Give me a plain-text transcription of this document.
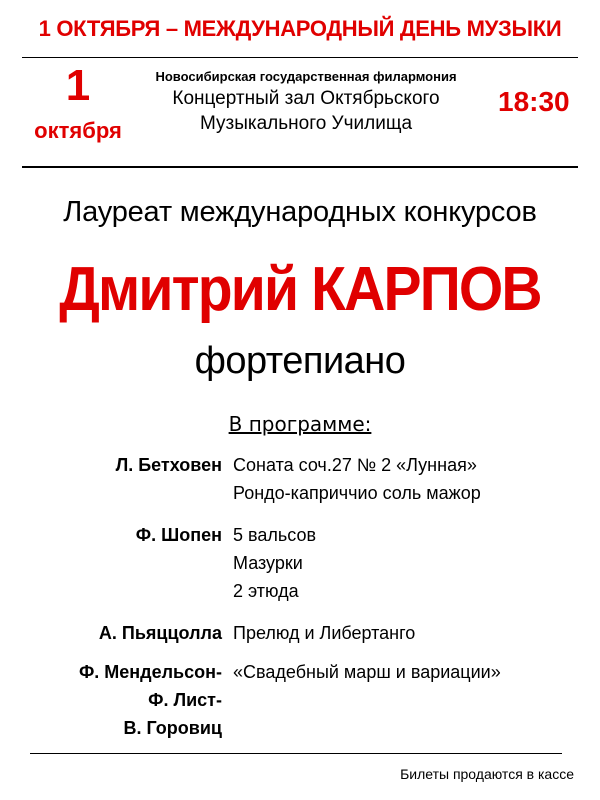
1 ОКТЯБРЯ – МЕЖДУНАРОДНЫЙ ДЕНЬ МУЗЫКИ
1
октября
Новосибирская государственная филармония
Концертный зал Октябрьского
Музыкального Училища
18:30
Лауреат международных конкурсов
Дмитрий КАРПОВ
фортепиано
В программе:
Л. Бетховен Соната соч.27 № 2 «Лунная»
Рондо-каприччио соль мажор
Ф. Шопен 5 вальсов
Мазурки
2 этюда
А. Пьяццолла Прелюд и Либертанго
Ф. Мендельсон-
Ф. Лист-
В. Горовиц
«Свадебный марш и вариации»
Билеты продаются в кассе
